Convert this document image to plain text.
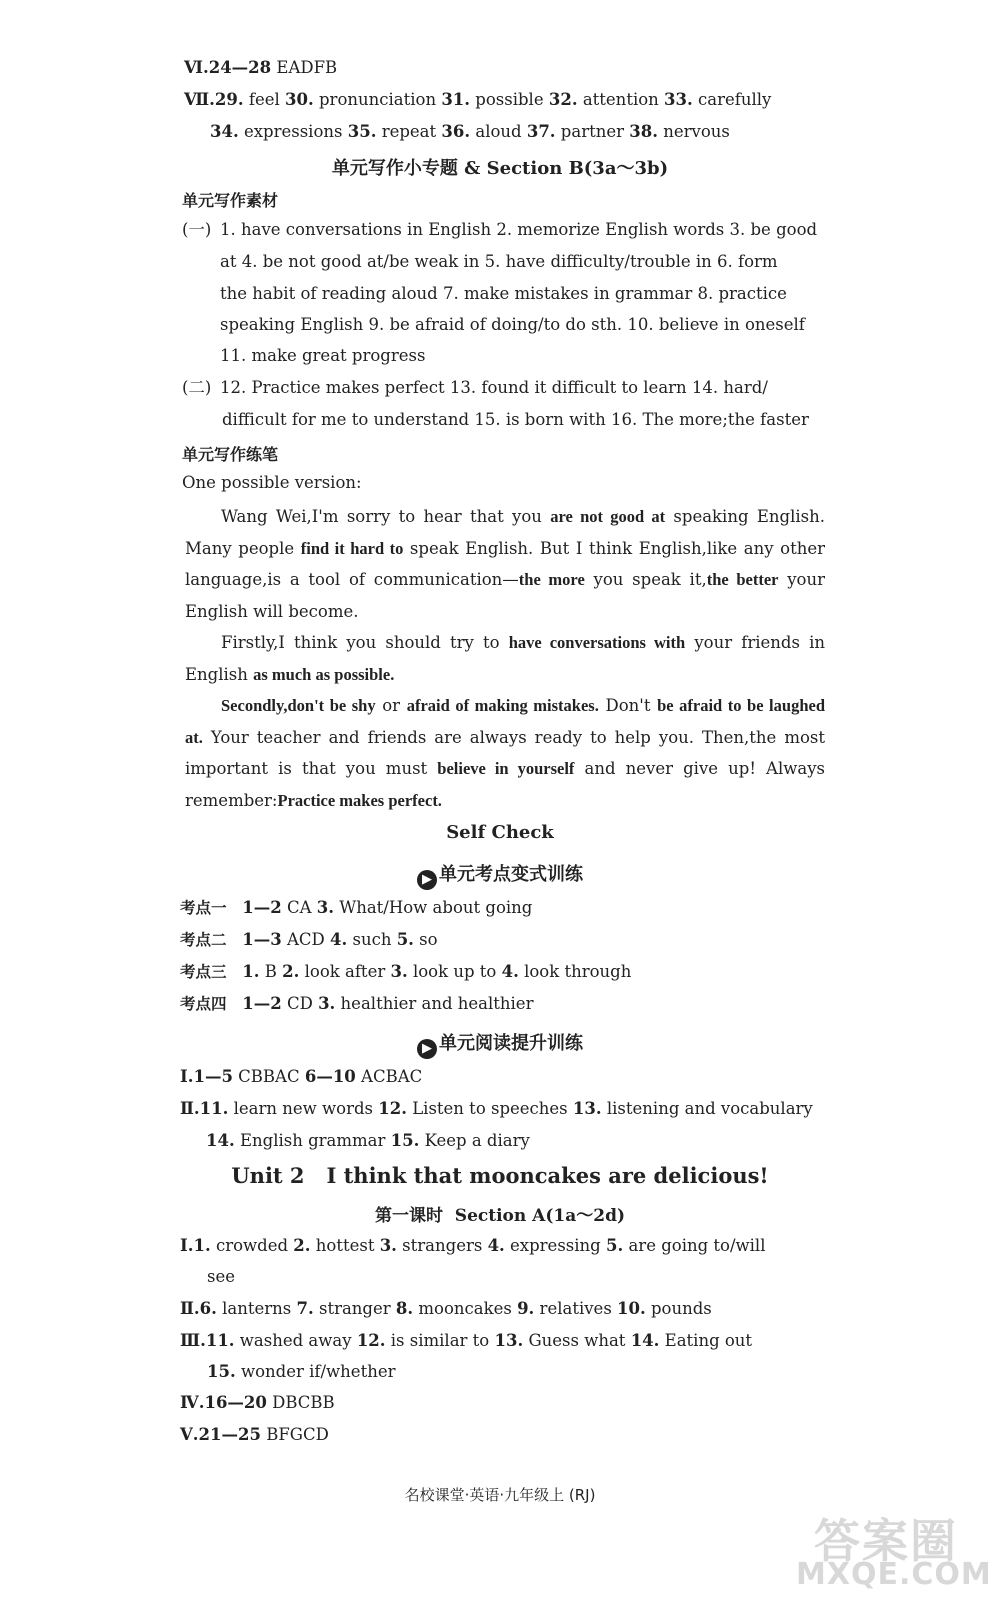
Ⅵ.24—28 EADFB
Ⅶ.29. feel 30. pronunciation 31. possible 32. attention 33. carefully
34. expressions 35. repeat 36. aloud 37. partner 38. nervous
单元写作小专题 & Section B(3a～3b)
单元写作素材
(一) 1. have conversations in English 2. memorize English words 3. be good
at 4. be not good at/be weak in 5. have difficulty/trouble in 6. form
the habit of reading aloud 7. make mistakes in grammar 8. practice
speaking English 9. be afraid of doing/to do sth. 10. believe in oneself
11. make great progress
(二) 12. Practice makes perfect 13. found it difficult to learn 14. hard/
difficult for me to understand 15. is born with 16. The more;the faster
单元写作练笔
One possible version:
Wang Wei,I'm sorry to hear that you are not good at speaking English. Many people find it hard to speak English. But I think English,like any other language,is a tool of communication—the more you speak it,the better your English will become.
Firstly,I think you should try to have conversations with your friends in English as much as possible.
Secondly,don't be shy or afraid of making mistakes. Don't be afraid to be laughed at. Your teacher and friends are always ready to help you. Then,the most important is that you must believe in yourself and never give up! Always remember:Practice makes perfect.
Self Check
▶ 单元考点变式训练
考点一 1—2 CA 3. What/How about going
考点二 1—3 ACD 4. such 5. so
考点三 1. B 2. look after 3. look up to 4. look through
考点四 1—2 CD 3. healthier and healthier
▶ 单元阅读提升训练
Ⅰ.1—5 CBBAC 6—10 ACBAC
Ⅱ.11. learn new words 12. Listen to speeches 13. listening and vocabulary
14. English grammar 15. Keep a diary
Unit 2   I think that mooncakes are delicious!
第一课时  Section A(1a～2d)
Ⅰ.1. crowded 2. hottest 3. strangers 4. expressing 5. are going to/will
see
Ⅱ.6. lanterns 7. stranger 8. mooncakes 9. relatives 10. pounds
Ⅲ.11. washed away 12. is similar to 13. Guess what 14. Eating out
15. wonder if/whether
Ⅳ.16—20 DBCBB
Ⅴ.21—25 BFGCD
名校课堂·英语·九年级上 (RJ)
答案圈
MXQE.COM
